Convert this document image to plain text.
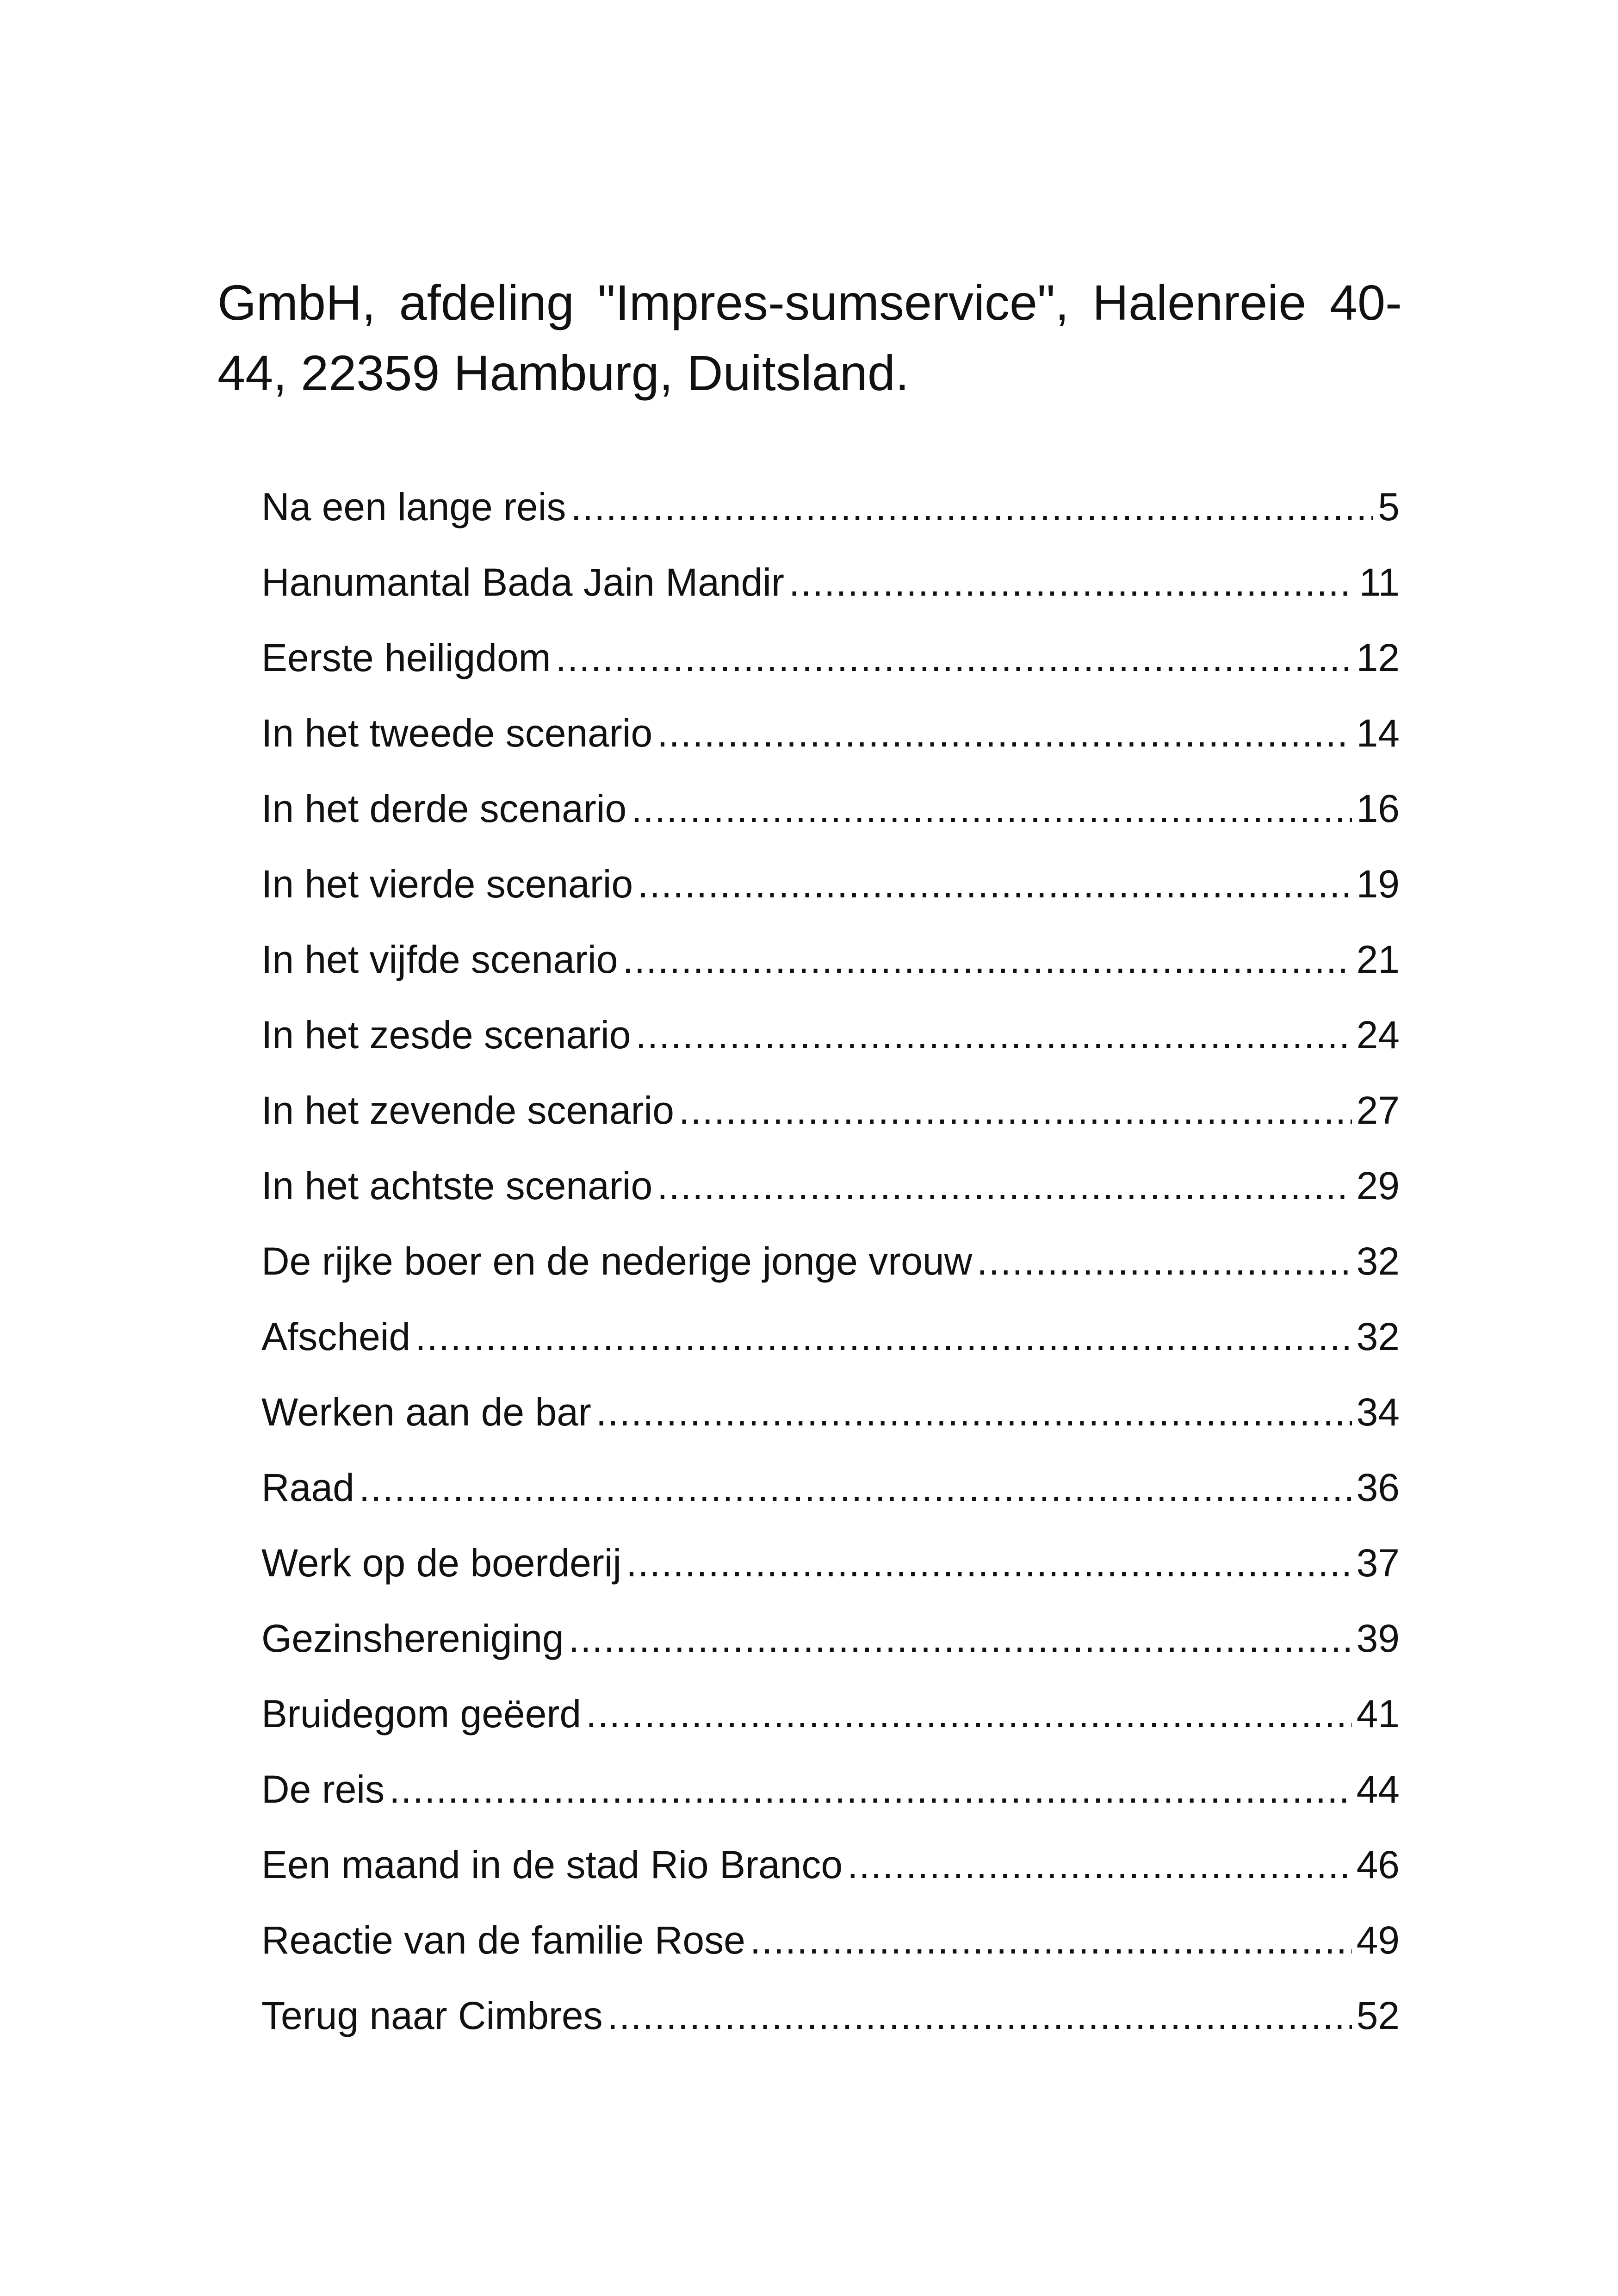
GmbH, afdeling "Impres-sumservice", Halenreie 40-44, 22359 Hamburg, Duitsland.

Na een lange reis .....	5
Hanumantal Bada Jain Mandir .....	11
Eerste heiligdom .....	12
In het tweede scenario .....	14
In het derde scenario .....	16
In het vierde scenario .....	19
In het vijfde scenario .....	21
In het zesde scenario .....	24
In het zevende scenario .....	27
In het achtste scenario .....	29
De rijke boer en de nederige jonge vrouw .....	32
Afscheid .....	32
Werken aan de bar .....	34
Raad .....	36
Werk op de boerderij .....	37
Gezinshereniging .....	39
Bruidegom geëerd .....	41
De reis .....	44
Een maand in de stad Rio Branco .....	46
Reactie van de familie Rose .....	49
Terug naar Cimbres .....	52
